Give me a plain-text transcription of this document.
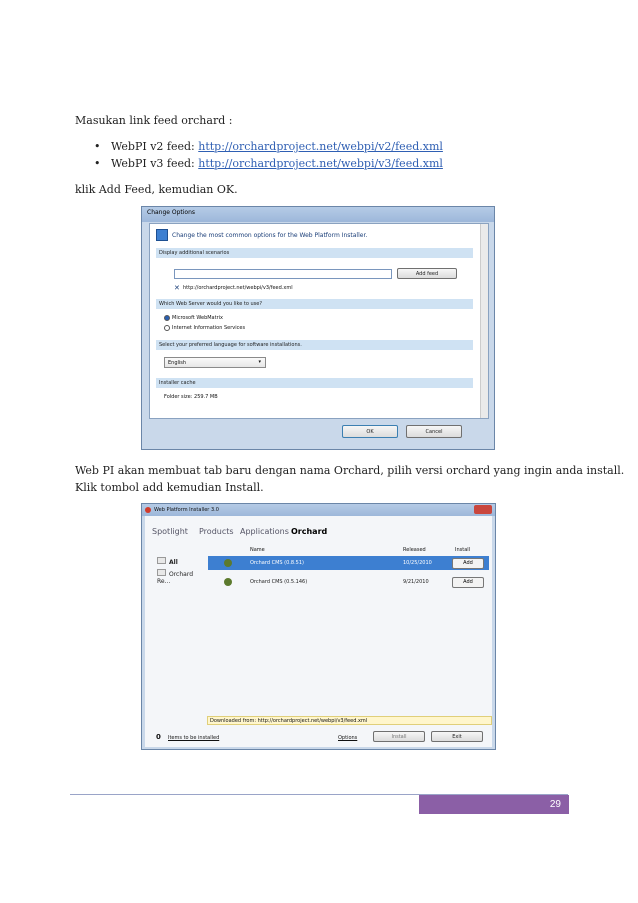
Masukan link feed orchard :
• WebPI v2 feed: http://orchardproject.net/webpi/v2/feed.xml
• WebPI v3 feed: http://orchardproject.net/webpi/v3/feed.xml
klik Add Feed, kemudian OK.
Change Options
Change the most common options for the Web Platform Installer.
Display additional scenarios
Add feed
✕ http://orchardproject.net/webpi/v3/feed.xml
Which Web Server would you like to use?
Microsoft WebMatrix
Internet Information Services
Select your preferred language for software installations.
English	▾
Installer cache
Folder size: 259.7 MB
OK	Cancel
Web PI akan membuat tab baru dengan nama Orchard, pilih versi orchard yang ingin anda install.
Klik tombol add kemudian Install.
Web Platform Installer 3.0
Spotlight Products Applications Orchard
All
Orchard Re...
Name	Released	Install
Orchard CMS (0.8.51)	10/25/2010	Add
Orchard CMS (0.5.146)	9/21/2010	Add
Downloaded from: http://orchardproject.net/webpi/v3/feed.xml
0 Items to be installed	Options	Install	Exit
29
